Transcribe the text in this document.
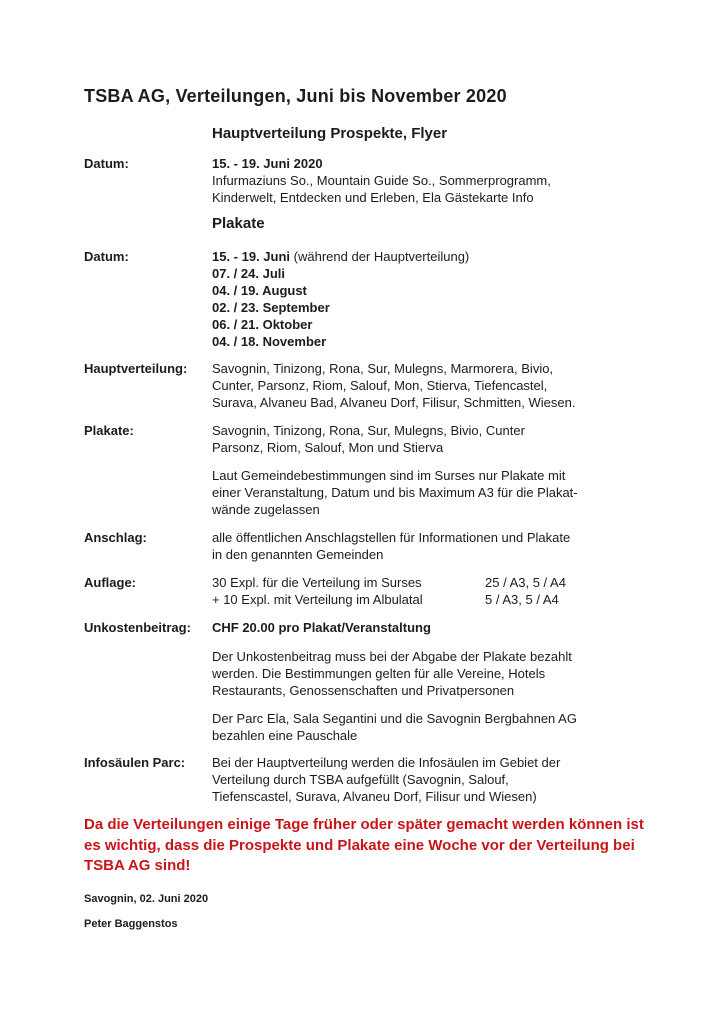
TSBA AG, Verteilungen, Juni bis November 2020
Hauptverteilung Prospekte, Flyer
Datum:	15. - 19. Juni 2020
Infurmaziuns So., Mountain Guide So., Sommerprogramm,
Kinderwelt, Entdecken und Erleben, Ela Gästekarte Info
Plakate
Datum:	15. - 19. Juni (während der Hauptverteilung)
07. / 24. Juli
04. / 19. August
02. / 23. September
06. / 21. Oktober
04. / 18. November
Hauptverteilung:	Savognin, Tinizong, Rona, Sur, Mulegns, Marmorera, Bivio,
Cunter, Parsonz, Riom, Salouf, Mon, Stierva, Tiefencastel,
Surava, Alvaneu Bad, Alvaneu Dorf, Filisur, Schmitten, Wiesen.
Plakate:	Savognin, Tinizong, Rona, Sur, Mulegns, Bivio, Cunter
Parsonz, Riom, Salouf, Mon und Stierva
Laut Gemeindebestimmungen sind im Surses nur Plakate mit
einer Veranstaltung, Datum und bis Maximum A3 für die Plakat-
wände zugelassen
Anschlag:	alle öffentlichen Anschlagstellen für Informationen und Plakate
in den genannten Gemeinden
Auflage:	30 Expl. für die Verteilung im Surses	25 / A3, 5 / A4
+ 10 Expl. mit Verteilung im Albulatal	5 / A3, 5 / A4
Unkostenbeitrag:	CHF 20.00 pro Plakat/Veranstaltung
Der Unkostenbeitrag muss bei der Abgabe der Plakate bezahlt
werden. Die Bestimmungen gelten für alle Vereine, Hotels
Restaurants, Genossenschaften und Privatpersonen
Der Parc Ela, Sala Segantini und die Savognin Bergbahnen AG
bezahlen eine Pauschale
Infosäulen Parc:	Bei der Hauptverteilung werden die Infosäulen im Gebiet der
Verteilung durch TSBA aufgefüllt (Savognin, Salouf,
Tiefenscastel, Surava, Alvaneu Dorf, Filisur und Wiesen)
Da die Verteilungen einige Tage früher oder später gemacht werden können ist
es wichtig, dass die Prospekte und Plakate eine Woche vor der Verteilung bei
TSBA AG sind!
Savognin, 02. Juni 2020
Peter Baggenstos
